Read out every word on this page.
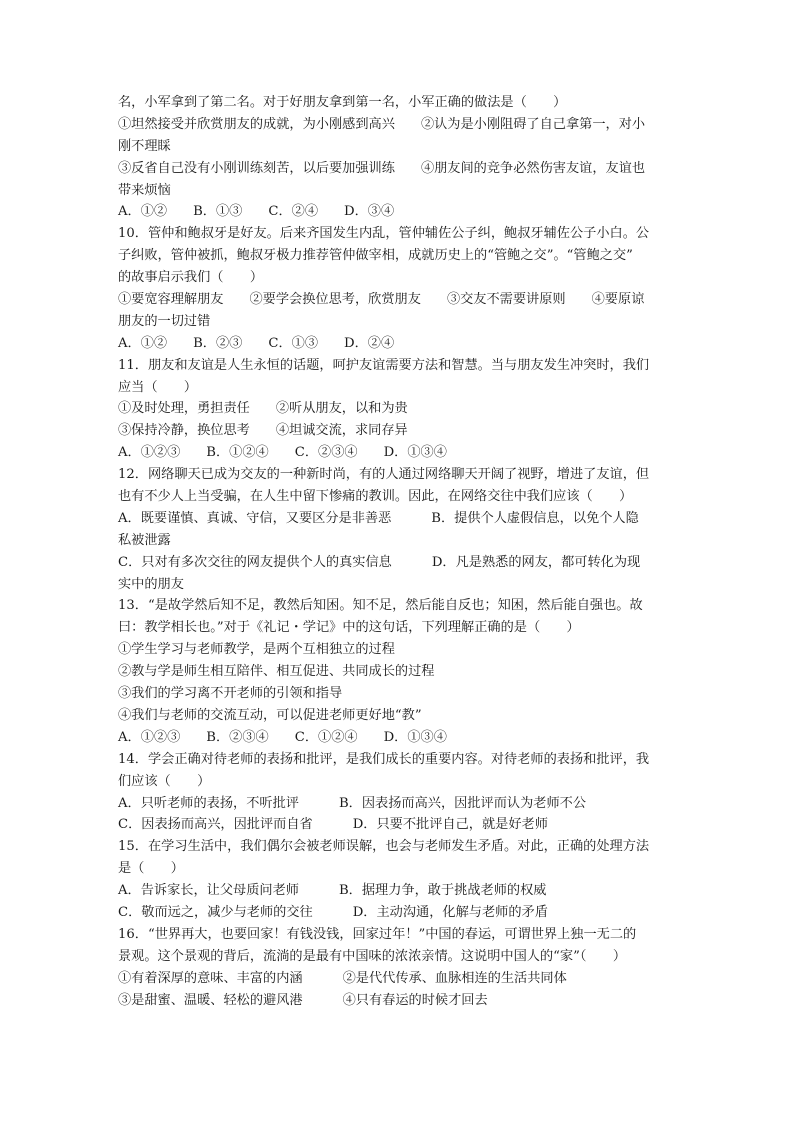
名，小军拿到了第二名。对于好朋友拿到第一名，小军正确的做法是（　　）
①坦然接受并欣赏朋友的成就，为小刚感到高兴 ②认为是小刚阻碍了自己拿第一，对小
刚不理睬
③反省自己没有小刚训练刻苦，以后要加强训练 ④朋友间的竞争必然伤害友谊，友谊也
带来烦恼
A．①② B．①③ C．②④ D．③④
10．管仲和鲍叔牙是好友。后来齐国发生内乱，管仲辅佐公子纠，鲍叔牙辅佐公子小白。公
子纠败，管仲被抓，鲍叔牙极力推荐管仲做宰相，成就历史上的“管鲍之交”。“管鲍之交”
的故事启示我们（　　）
①要宽容理解朋友 ②要学会换位思考，欣赏朋友 ③交友不需要讲原则 ④要原谅
朋友的一切过错
A．①② B．②③ C．①③ D．②④
11．朋友和友谊是人生永恒的话题，呵护友谊需要方法和智慧。当与朋友发生冲突时，我们
应当（　　）
①及时处理，勇担责任 ②听从朋友，以和为贵
③保持冷静，换位思考 ④坦诚交流，求同存异
A．①②③ B．①②④ C．②③④ D．①③④
12．网络聊天已成为交友的一种新时尚，有的人通过网络聊天开阔了视野，增进了友谊，但
也有不少人上当受骗，在人生中留下惨痛的教训。因此，在网络交往中我们应该（　　）
A．既要谨慎、真诚、守信，又要区分是非善恶	B．提供个人虚假信息，以免个人隐
私被泄露
C．只对有多次交往的网友提供个人的真实信息	D．凡是熟悉的网友，都可转化为现
实中的朋友
13．“是故学然后知不足，教然后知困。知不足，然后能自反也；知困，然后能自强也。故
曰：教学相长也。”对于《礼记・学记》中的这句话，下列理解正确的是（　　）
①学生学习与老师教学，是两个互相独立的过程
②教与学是师生相互陪伴、相互促进、共同成长的过程
③我们的学习离不开老师的引领和指导
④我们与老师的交流互动，可以促进老师更好地“教”
A．①②③ B．②③④ C．①②④ D．①③④
14．学会正确对待老师的表扬和批评，是我们成长的重要内容。对待老师的表扬和批评，我
们应该（　　）
A．只听老师的表扬，不听批评	B．因表扬而高兴，因批评而认为老师不公
C．因表扬而高兴，因批评而自省	D．只要不批评自己，就是好老师
15．在学习生活中，我们偶尔会被老师误解，也会与老师发生矛盾。对此，正确的处理方法
是（　　）
A．告诉家长，让父母质问老师	B．据理力争，敢于挑战老师的权威
C．敬而远之，减少与老师的交往	D．主动沟通，化解与老师的矛盾
16．“世界再大，也要回家！有钱没钱，回家过年！”中国的春运，可谓世界上独一无二的
景观。这个景观的背后，流淌的是最有中国味的浓浓亲情。这说明中国人的“家”（　　）
①有着深厚的意味、丰富的内涵	②是代代传承、血脉相连的生活共同体
③是甜蜜、温暖、轻松的避风港	④只有春运的时候才回去
